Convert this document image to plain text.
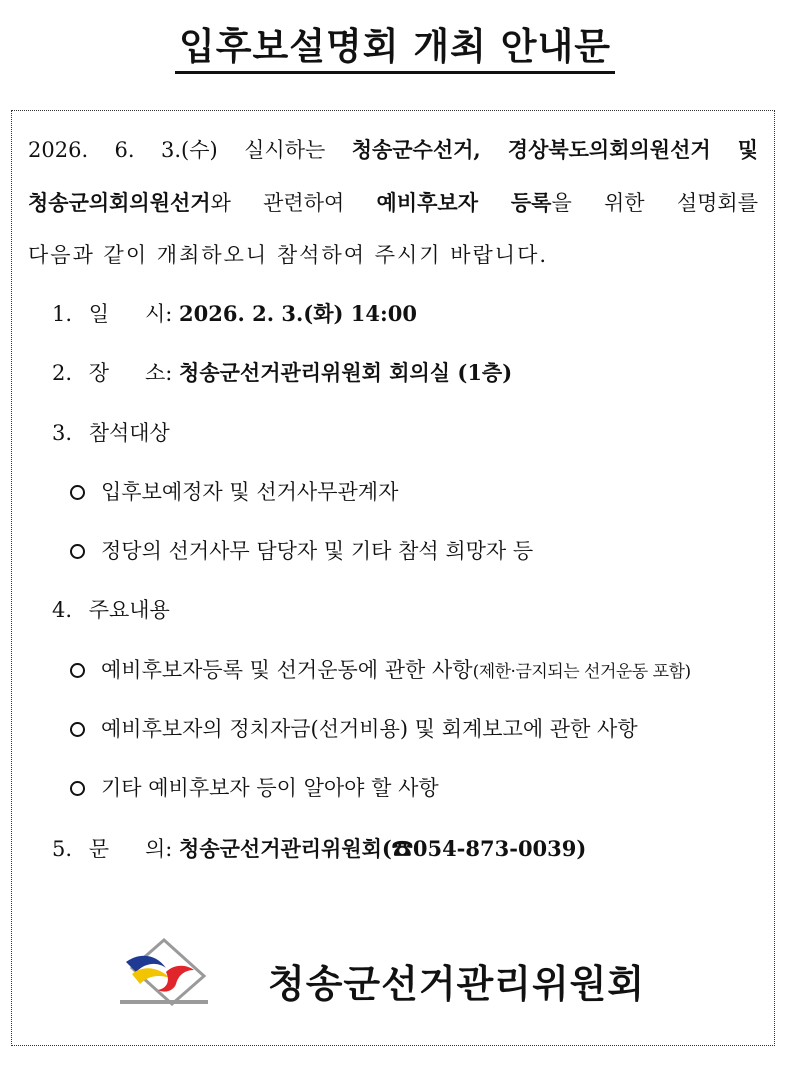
입후보설명회 개최 안내문
2026. 6. 3.(수) 실시하는 청송군수선거, 경상북도의회의원선거 및
청송군의회의원선거와 관련하여 예비후보자 등록을 위한 설명회를
다음과 같이 개최하오니 참석하여 주시기 바랍니다.
1. 일 시: 2026. 2. 3.(화) 14:00
2. 장 소: 청송군선거관리위원회 회의실 (1층)
3. 참석대상
입후보예정자 및 선거사무관계자
정당의 선거사무 담당자 및 기타 참석 희망자 등
4. 주요내용
예비후보자등록 및 선거운동에 관한 사항(제한·금지되는 선거운동 포함)
예비후보자의 정치자금(선거비용) 및 회계보고에 관한 사항
기타 예비후보자 등이 알아야 할 사항
5. 문 의: 청송군선거관리위원회(☎054-873-0039)
청송군선거관리위원회
